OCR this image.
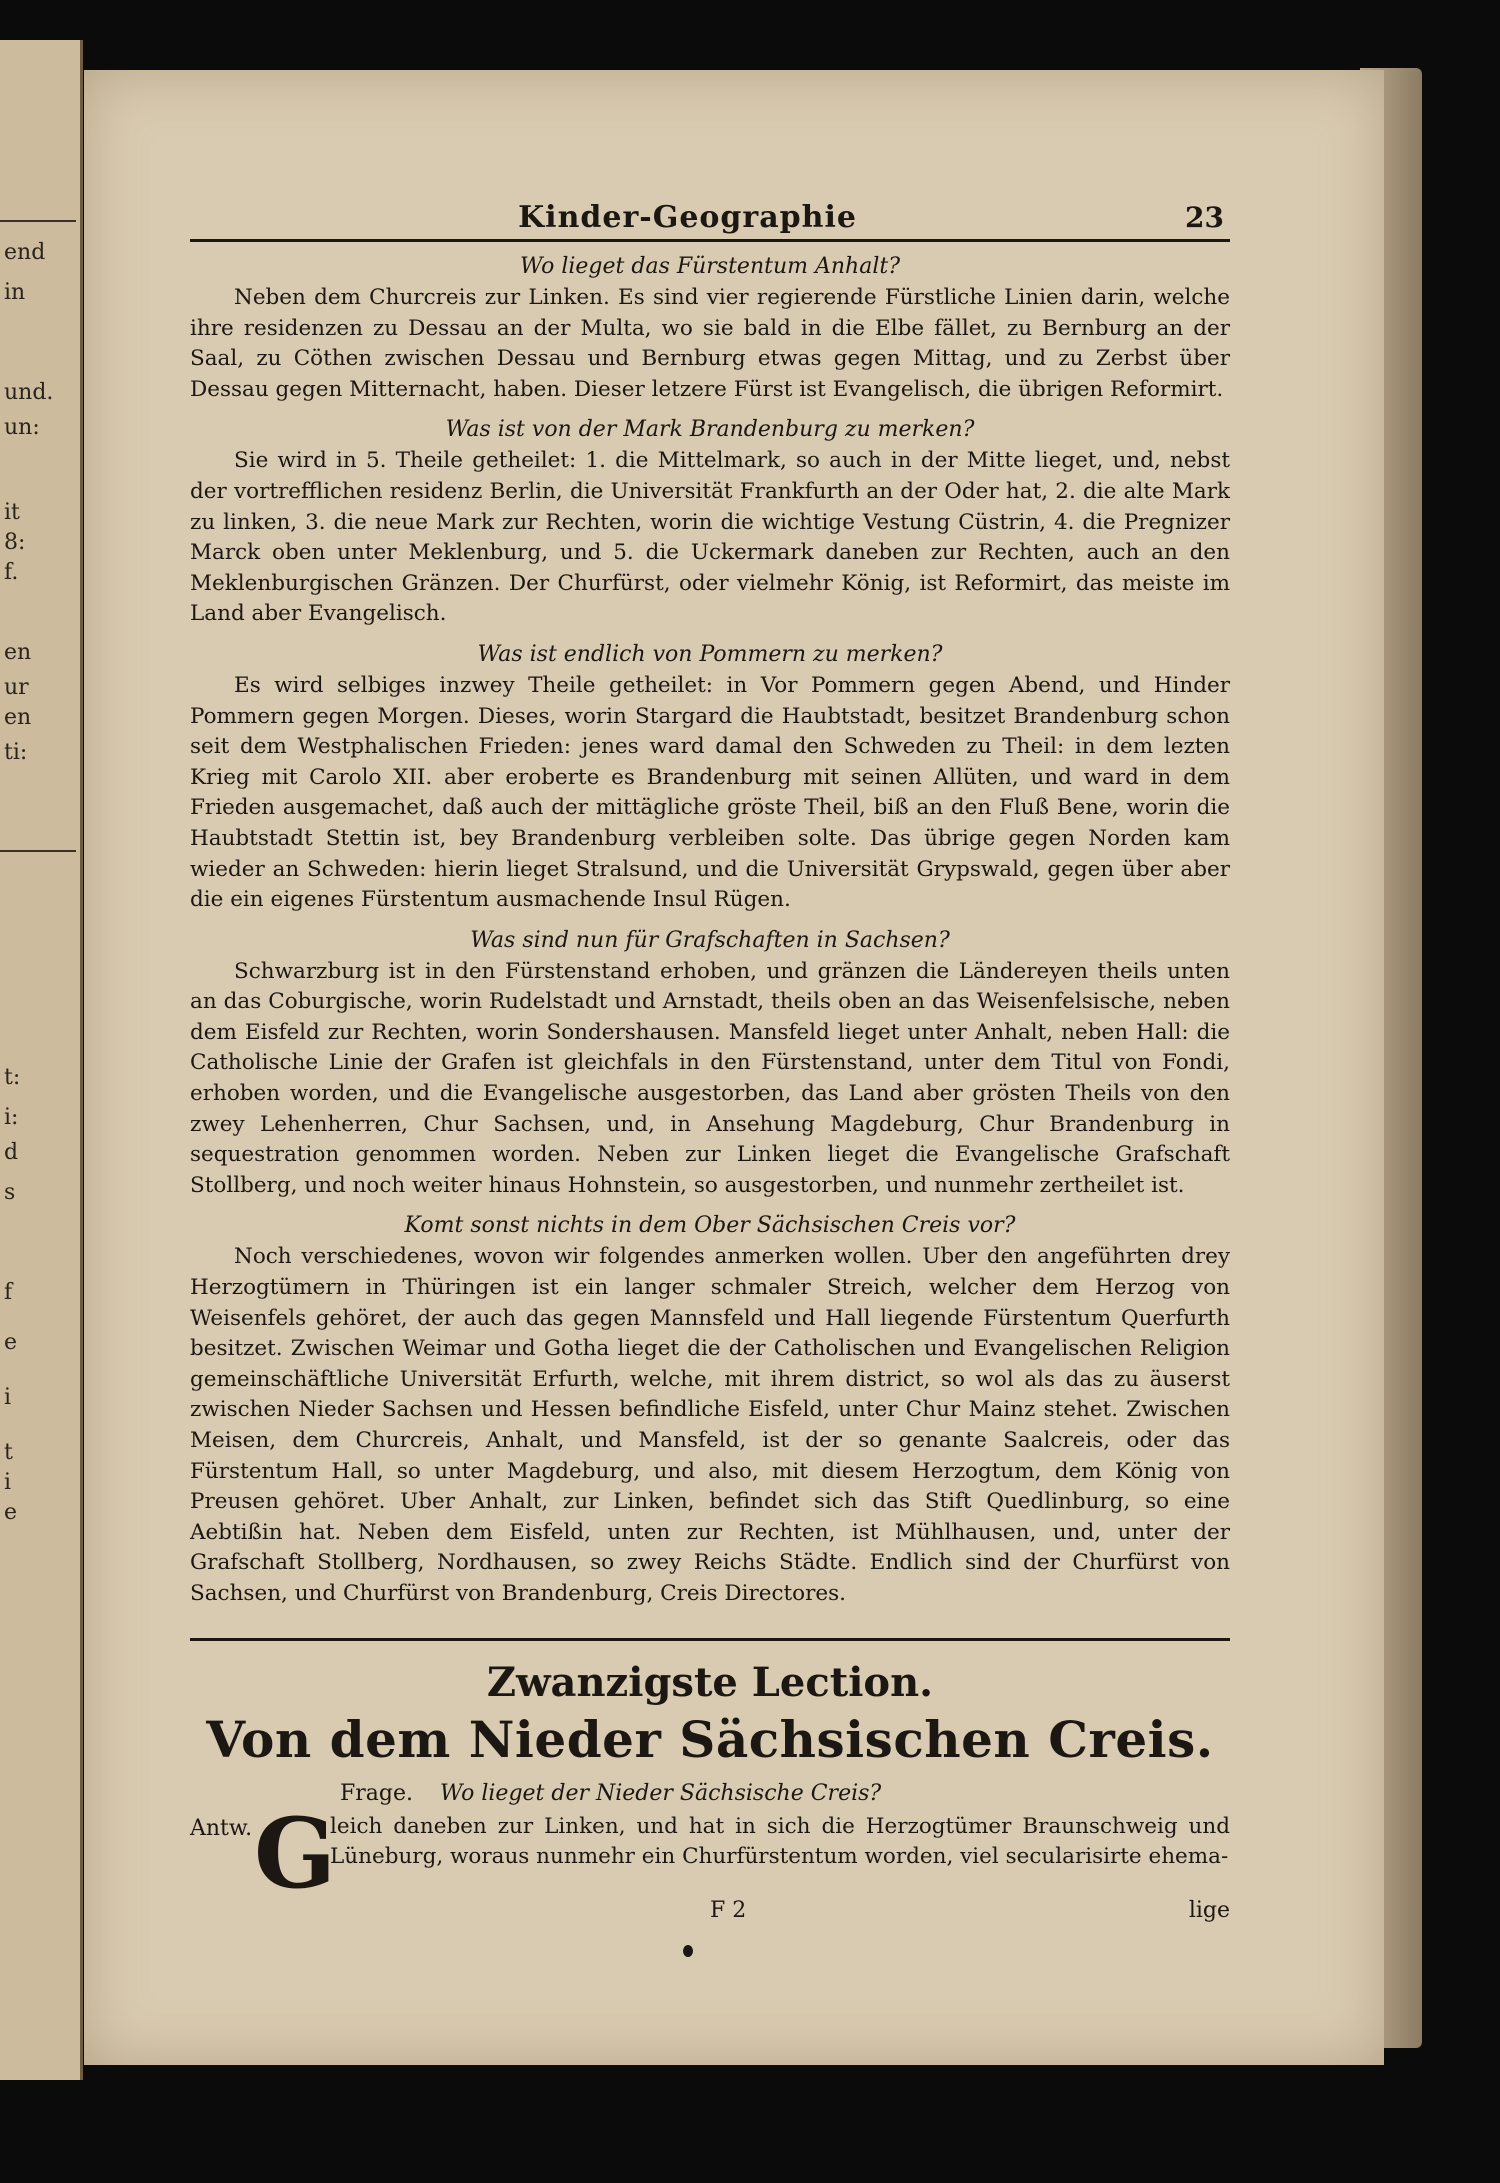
end
in
und.
un:
it
8:
f.
en
ur
en
ti:
t:
i:
d
s
f
e
i
t
i
e
Kinder-Geographie	23
Wo lieget das Fürstentum Anhalt?

Neben dem Churcreis zur Linken. Es sind vier regierende Fürstliche Linien darin, welche ihre residenzen zu Dessau an der Multa, wo sie bald in die Elbe fället, zu Bernburg an der Saal, zu Cöthen zwischen Dessau und Bernburg etwas gegen Mittag, und zu Zerbst über Dessau gegen Mitternacht, haben. Dieser letzere Fürst ist Evangelisch, die übrigen Reformirt.

Was ist von der Mark Brandenburg zu merken?

Sie wird in 5. Theile getheilet: 1. die Mittelmark, so auch in der Mitte lieget, und, nebst der vortrefflichen residenz Berlin, die Universität Frankfurth an der Oder hat, 2. die alte Mark zu linken, 3. die neue Mark zur Rechten, worin die wichtige Vestung Cüstrin, 4. die Pregnizer Marck oben unter Meklenburg, und 5. die Uckermark daneben zur Rechten, auch an den Meklenburgischen Gränzen. Der Churfürst, oder vielmehr König, ist Reformirt, das meiste im Land aber Evangelisch.

Was ist endlich von Pommern zu merken?

Es wird selbiges inzwey Theile getheilet: in Vor Pommern gegen Abend, und Hinder Pommern gegen Morgen. Dieses, worin Stargard die Haubtstadt, besitzet Brandenburg schon seit dem Westphalischen Frieden: jenes ward damal den Schweden zu Theil: in dem lezten Krieg mit Carolo XII. aber eroberte es Brandenburg mit seinen Allüten, und ward in dem Frieden ausgemachet, daß auch der mittägliche gröste Theil, biß an den Fluß Bene, worin die Haubtstadt Stettin ist, bey Brandenburg verbleiben solte. Das übrige gegen Norden kam wieder an Schweden: hierin lieget Stralsund, und die Universität Grypswald, gegen über aber die ein eigenes Fürstentum ausmachende Insul Rügen.

Was sind nun für Grafschaften in Sachsen?

Schwarzburg ist in den Fürstenstand erhoben, und gränzen die Ländereyen theils unten an das Coburgische, worin Rudelstadt und Arnstadt, theils oben an das Weisenfelsische, neben dem Eisfeld zur Rechten, worin Sondershausen. Mansfeld lieget unter Anhalt, neben Hall: die Catholische Linie der Grafen ist gleichfals in den Fürstenstand, unter dem Titul von Fondi, erhoben worden, und die Evangelische ausgestorben, das Land aber grösten Theils von den zwey Lehenherren, Chur Sachsen, und, in Ansehung Magdeburg, Chur Brandenburg in sequestration genommen worden. Neben zur Linken lieget die Evangelische Grafschaft Stollberg, und noch weiter hinaus Hohnstein, so ausgestorben, und nunmehr zertheilet ist.

Komt sonst nichts in dem Ober Sächsischen Creis vor?

Noch verschiedenes, wovon wir folgendes anmerken wollen. Uber den angeführten drey Herzogtümern in Thüringen ist ein langer schmaler Streich, welcher dem Herzog von Weisenfels gehöret, der auch das gegen Mannsfeld und Hall liegende Fürstentum Querfurth besitzet. Zwischen Weimar und Gotha lieget die der Catholischen und Evangelischen Religion gemeinschäftliche Universität Erfurth, welche, mit ihrem district, so wol als das zu äuserst zwischen Nieder Sachsen und Hessen befindliche Eisfeld, unter Chur Mainz stehet. Zwischen Meisen, dem Churcreis, Anhalt, und Mansfeld, ist der so genante Saalcreis, oder das Fürstentum Hall, so unter Magdeburg, und also, mit diesem Herzogtum, dem König von Preusen gehöret. Uber Anhalt, zur Linken, befindet sich das Stift Quedlinburg, so eine Aebtißin hat. Neben dem Eisfeld, unten zur Rechten, ist Mühlhausen, und, unter der Grafschaft Stollberg, Nordhausen, so zwey Reichs Städte. Endlich sind der Churfürst von Sachsen, und Churfürst von Brandenburg, Creis Directores.

Zwanzigste Lection.
Von dem Nieder Sächsischen Creis.
Frage. Wo lieget der Nieder Sächsische Creis?
Antw. G
leich daneben zur Linken, und hat in sich die Herzogtümer Braunschweig und Lüneburg, woraus nunmehr ein Churfürstentum worden, viel secularisirte ehema-
F 2	lige
